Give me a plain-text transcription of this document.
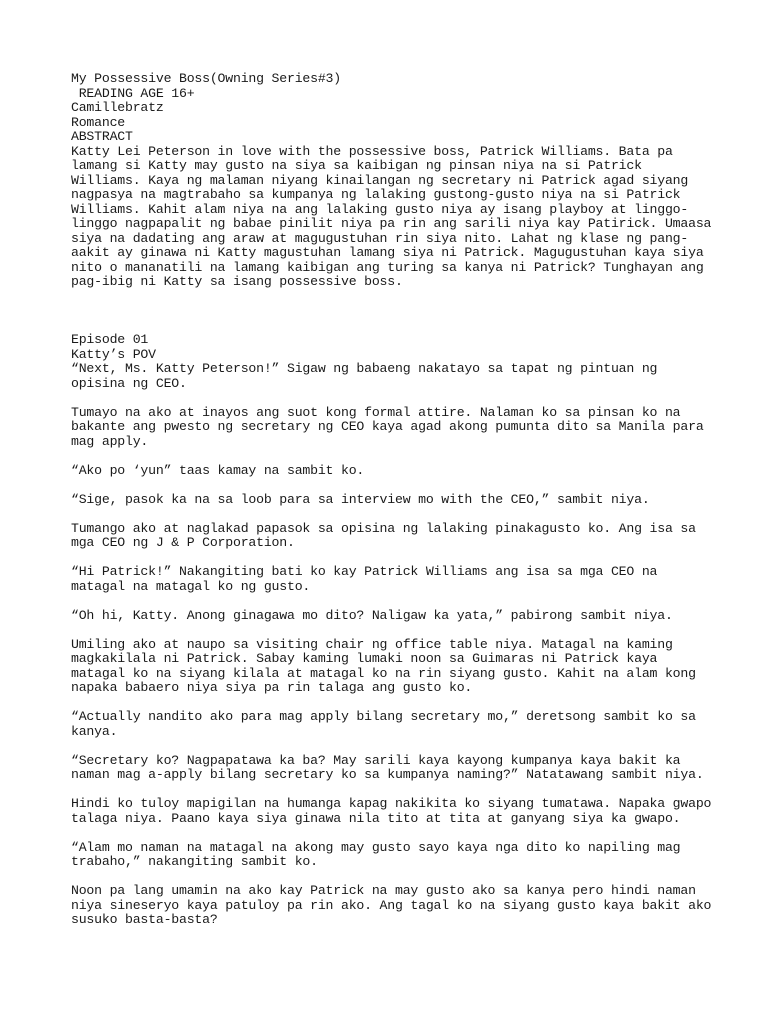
My Possessive Boss(Owning Series#3)
READING AGE 16+
Camillebratz
Romance
ABSTRACT
Katty Lei Peterson in love with the possessive boss, Patrick Williams. Bata pa
lamang si Katty may gusto na siya sa kaibigan ng pinsan niya na si Patrick
Williams. Kaya ng malaman niyang kinailangan ng secretary ni Patrick agad siyang
nagpasya na magtrabaho sa kumpanya ng lalaking gustong-gusto niya na si Patrick
Williams. Kahit alam niya na ang lalaking gusto niya ay isang playboy at linggo-
linggo nagpapalit ng babae pinilit niya pa rin ang sarili niya kay Patirick. Umaasa
siya na dadating ang araw at magugustuhan rin siya nito. Lahat ng klase ng pang-
aakit ay ginawa ni Katty magustuhan lamang siya ni Patrick. Magugustuhan kaya siya
nito o mananatili na lamang kaibigan ang turing sa kanya ni Patrick? Tunghayan ang
pag-ibig ni Katty sa isang possessive boss.
Episode 01
Katty’s POV
“Next, Ms. Katty Peterson!” Sigaw ng babaeng nakatayo sa tapat ng pintuan ng
opisina ng CEO.
Tumayo na ako at inayos ang suot kong formal attire. Nalaman ko sa pinsan ko na
bakante ang pwesto ng secretary ng CEO kaya agad akong pumunta dito sa Manila para
mag apply.
“Ako po ‘yun” taas kamay na sambit ko.
“Sige, pasok ka na sa loob para sa interview mo with the CEO,” sambit niya.
Tumango ako at naglakad papasok sa opisina ng lalaking pinakagusto ko. Ang isa sa
mga CEO ng J & P Corporation.
“Hi Patrick!” Nakangiting bati ko kay Patrick Williams ang isa sa mga CEO na
matagal na matagal ko ng gusto.
“Oh hi, Katty. Anong ginagawa mo dito? Naligaw ka yata,” pabirong sambit niya.
Umiling ako at naupo sa visiting chair ng office table niya. Matagal na kaming
magkakilala ni Patrick. Sabay kaming lumaki noon sa Guimaras ni Patrick kaya
matagal ko na siyang kilala at matagal ko na rin siyang gusto. Kahit na alam kong
napaka babaero niya siya pa rin talaga ang gusto ko.
“Actually nandito ako para mag apply bilang secretary mo,” deretsong sambit ko sa
kanya.
“Secretary ko? Nagpapatawa ka ba? May sarili kaya kayong kumpanya kaya bakit ka
naman mag a-apply bilang secretary ko sa kumpanya naming?” Natatawang sambit niya.
Hindi ko tuloy mapigilan na humanga kapag nakikita ko siyang tumatawa. Napaka gwapo
talaga niya. Paano kaya siya ginawa nila tito at tita at ganyang siya ka gwapo.
“Alam mo naman na matagal na akong may gusto sayo kaya nga dito ko napiling mag
trabaho,” nakangiting sambit ko.
Noon pa lang umamin na ako kay Patrick na may gusto ako sa kanya pero hindi naman
niya sineseryo kaya patuloy pa rin ako. Ang tagal ko na siyang gusto kaya bakit ako
susuko basta-basta?
